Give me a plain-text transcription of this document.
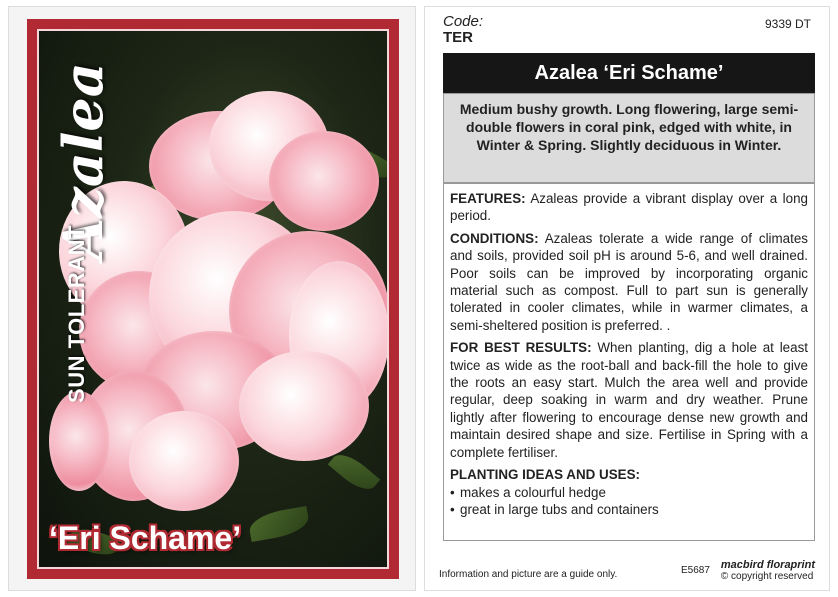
Azalea
SUN TOLERANT
‘Eri Schame’
Code:
TER
9339 DT
Azalea ‘Eri Schame’
Medium bushy growth. Long flowering, large semi-double flowers in coral pink, edged with white, in Winter & Spring. Slightly deciduous in Winter.

FEATURES: Azaleas provide a vibrant display over a long period.

CONDITIONS: Azaleas tolerate a wide range of climates and soils, provided soil pH is around 5-6, and well drained. Poor soils can be improved by incorporating organic material such as compost. Full to part sun is generally tolerated in cooler climates, while in warmer climates, a semi-sheltered position is preferred. .

FOR BEST RESULTS: When planting, dig a hole at least twice as wide as the root-ball and back-fill the hole to give the roots an easy start. Mulch the area well and provide regular, deep soaking in warm and dry weather. Prune lightly after flowering to encourage dense new growth and maintain desired shape and size. Fertilise in Spring with a complete fertiliser.

PLANTING IDEAS AND USES:
• makes a colourful hedge
• great in large tubs and containers
Information and picture are a guide only.	E5687 macbird floraprint
© copyright reserved
